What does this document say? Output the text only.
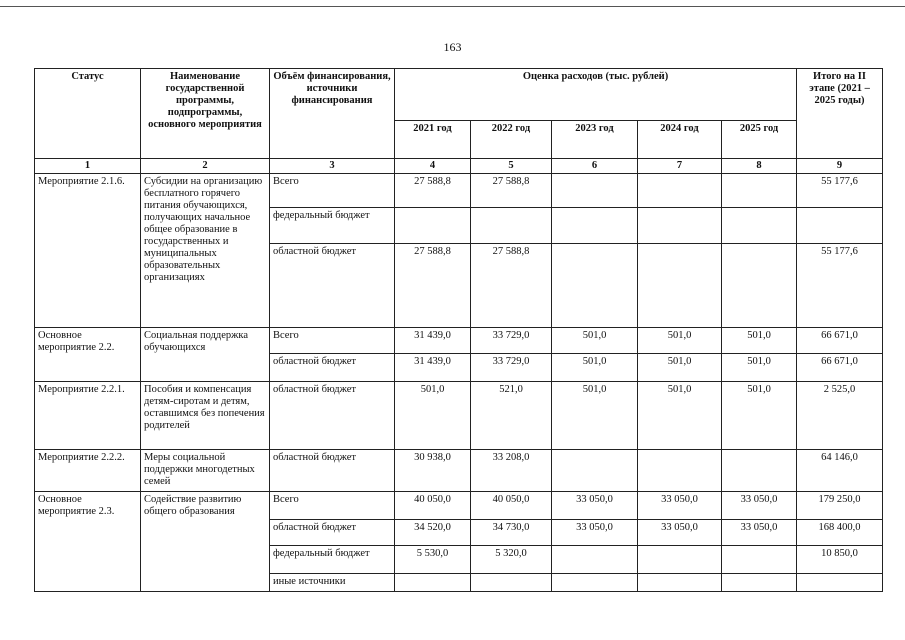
163
Статус	Наименование государственной программы, подпрограммы, основного мероприятия	Объём финансирования, источники финансирования	Оценка расходов (тыс. рублей)					Итого на II этапе (2021 – 2025 годы)
			2021 год	2022 год	2023 год	2024 год	2025 год	
1	2	3	4	5	6	7	8	9
Мероприятие 2.1.6.	Субсидии на организацию бесплатного горячего питания обучающихся, получающих начальное общее образование в государственных и муниципальных образовательных организациях	Всего	27 588,8	27 588,8				55 177,6
		федеральный бюджет						
		областной бюджет	27 588,8	27 588,8				55 177,6
Основное мероприятие 2.2.	Социальная поддержка обучающихся	Всего	31 439,0	33 729,0	501,0	501,0	501,0	66 671,0
		областной бюджет	31 439,0	33 729,0	501,0	501,0	501,0	66 671,0
Мероприятие 2.2.1.	Пособия и компенсация детям-сиротам и детям, оставшимся без попечения родителей	областной бюджет	501,0	521,0	501,0	501,0	501,0	2 525,0
Мероприятие 2.2.2.	Меры социальной поддержки многодетных семей	областной бюджет	30 938,0	33 208,0				64 146,0
Основное мероприятие 2.3.	Содействие развитию общего образования	Всего	40 050,0	40 050,0	33 050,0	33 050,0	33 050,0	179 250,0
		областной бюджет	34 520,0	34 730,0	33 050,0	33 050,0	33 050,0	168 400,0
		федеральный бюджет	5 530,0	5 320,0				10 850,0
		иные источники						
